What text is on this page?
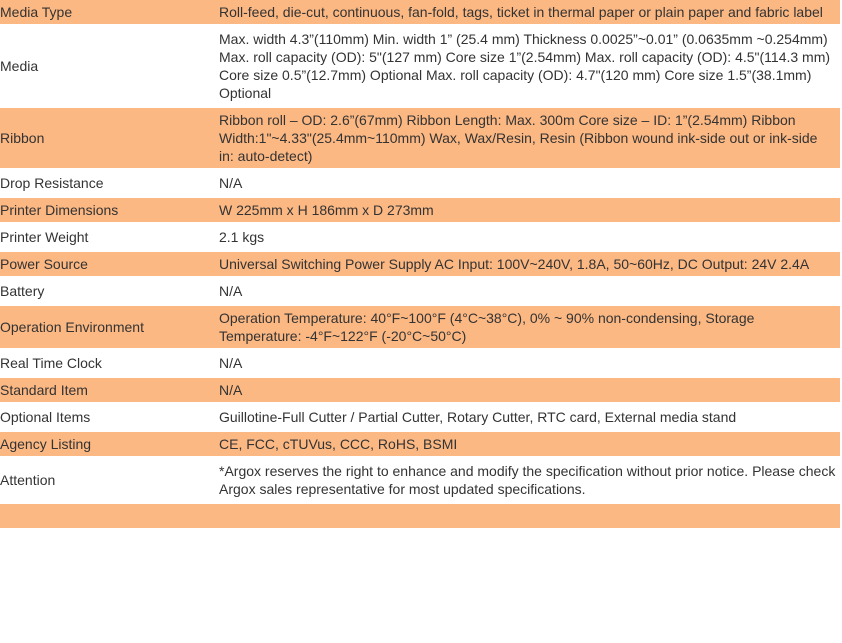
Media Type	Roll-feed, die-cut, continuous, fan-fold, tags, ticket in thermal paper or plain paper and fabric label
Media	Max. width 4.3”(110mm) Min. width 1” (25.4 mm) Thickness 0.0025”~0.01” (0.0635mm ~0.254mm) Max. roll capacity (OD): 5"(127 mm) Core size 1”(2.54mm) Max. roll capacity (OD): 4.5"(114.3 mm) Core size 0.5”(12.7mm) Optional Max. roll capacity (OD): 4.7"(120 mm) Core size 1.5”(38.1mm) Optional
Ribbon	Ribbon roll – OD: 2.6”(67mm) Ribbon Length: Max. 300m Core size – ID: 1”(2.54mm) Ribbon Width:1"~4.33"(25.4mm~110mm) Wax, Wax/Resin, Resin (Ribbon wound ink-side out or ink-side in: auto-detect)
Drop Resistance	N/A
Printer Dimensions	W 225mm x H 186mm x D 273mm
Printer Weight	2.1 kgs
Power Source	Universal Switching Power Supply AC Input: 100V~240V, 1.8A, 50~60Hz, DC Output: 24V 2.4A
Battery	N/A
Operation Environment	Operation Temperature: 40°F~100°F (4°C~38°C), 0% ~ 90% non-condensing, Storage Temperature: -4°F~122°F (-20°C~50°C)
Real Time Clock	N/A
Standard Item	N/A
Optional Items	Guillotine-Full Cutter / Partial Cutter, Rotary Cutter, RTC card, External media stand
Agency Listing	CE, FCC, cTUVus, CCC, RoHS, BSMI
Attention	*Argox reserves the right to enhance and modify the specification without prior notice. Please check Argox sales representative for most updated specifications.
